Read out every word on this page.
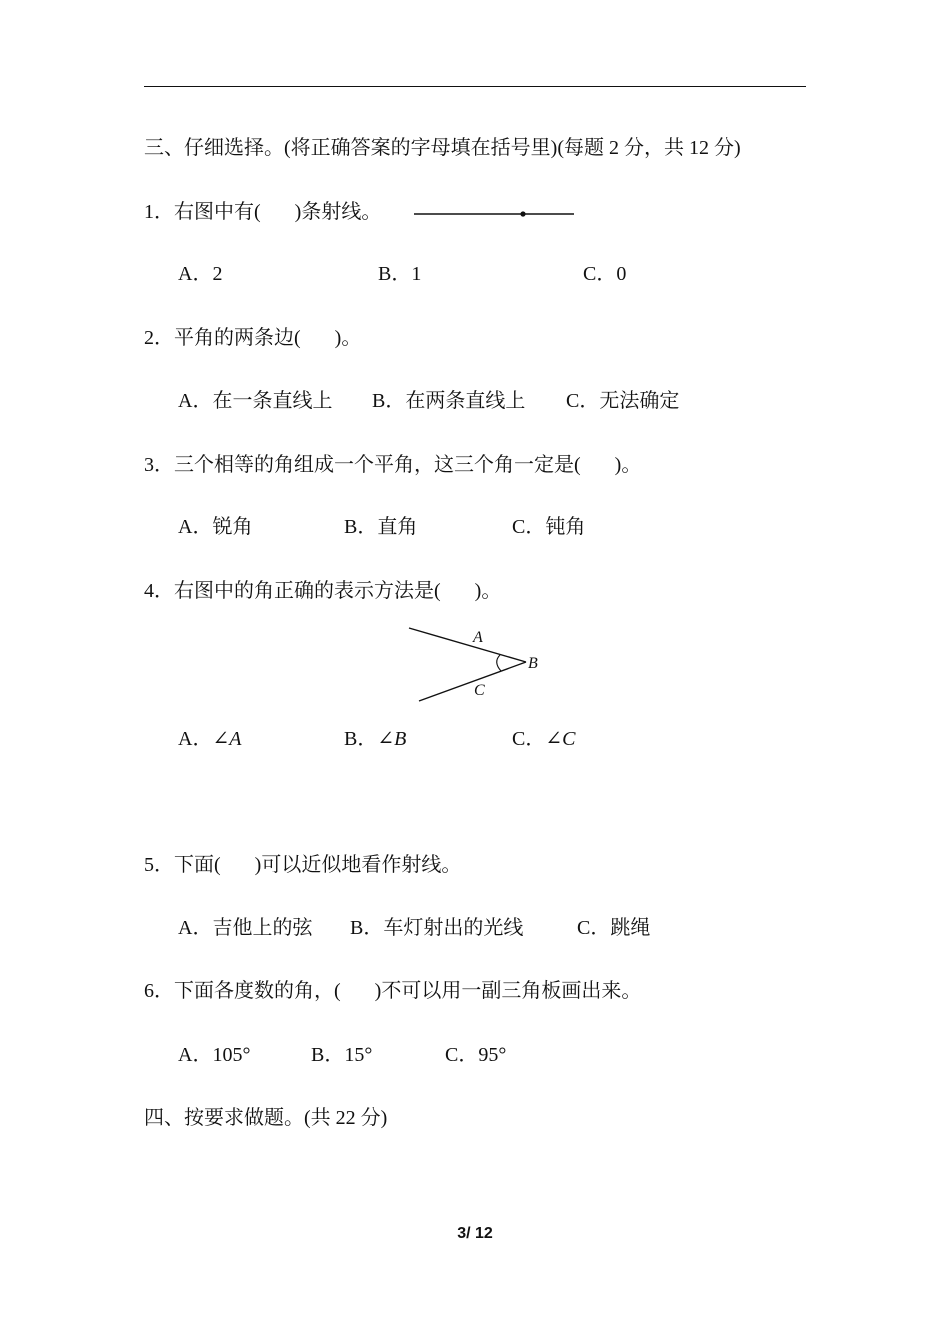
三、仔细选择。(将正确答案的字母填在括号里)(每题 2 分，共 12 分)
1．右图中有( )条射线。
A．2	B．1	C．0
2．平角的两条边( )。
A．在一条直线上 B．在两条直线上 C．无法确定
3．三个相等的角组成一个平角，这三个角一定是( )。
A．锐角	B．直角	C．钝角
4．右图中的角正确的表示方法是( )。
A
B
C
A．∠A	B．∠B	C．∠C
5．下面( )可以近似地看作射线。
A．吉他上的弦 B．车灯射出的光线	C．跳绳
6．下面各度数的角，( )不可以用一副三角板画出来。
A．105°	B．15°	C．95°
四、按要求做题。(共 22 分)
3/ 12
